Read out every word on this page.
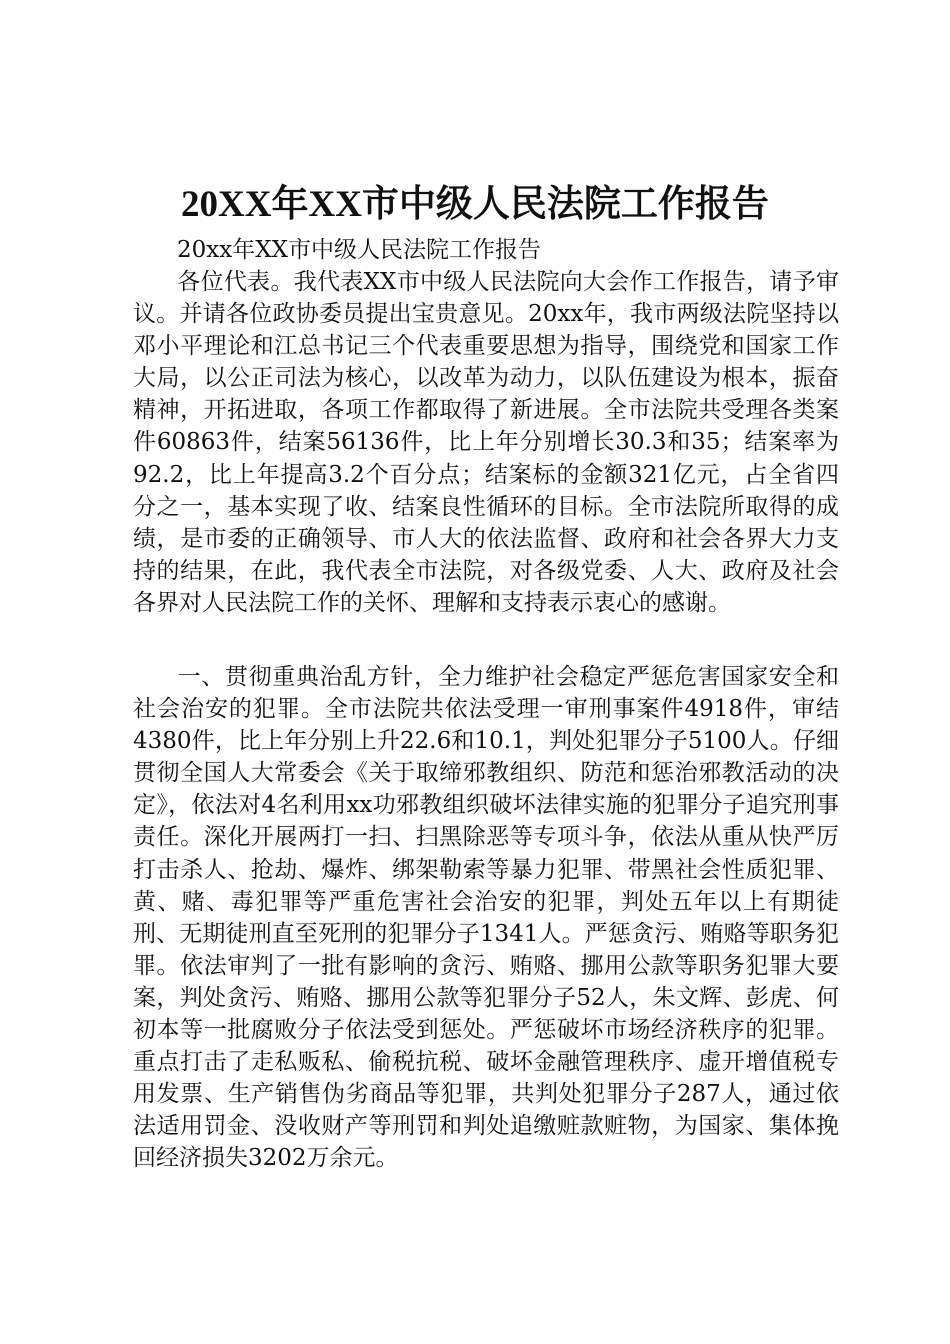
20XX年XX市中级人民法院工作报告

20xx年XX市中级人民法院工作报告

各位代表。我代表XX市中级人民法院向大会作工作报告，请予审议。并请各位政协委员提出宝贵意见。20xx年，我市两级法院坚持以邓小平理论和江总书记三个代表重要思想为指导，围绕党和国家工作大局，以公正司法为核心，以改革为动力，以队伍建设为根本，振奋精神，开拓进取，各项工作都取得了新进展。全市法院共受理各类案件60863件，结案56136件，比上年分别增长30.3和35；结案率为92.2，比上年提高3.2个百分点；结案标的金额321亿元，占全省四分之一，基本实现了收、结案良性循环的目标。全市法院所取得的成绩，是市委的正确领导、市人大的依法监督、政府和社会各界大力支持的结果，在此，我代表全市法院，对各级党委、人大、政府及社会各界对人民法院工作的关怀、理解和支持表示衷心的感谢。

一、贯彻重典治乱方针，全力维护社会稳定严惩危害国家安全和社会治安的犯罪。全市法院共依法受理一审刑事案件4918件，审结4380件，比上年分别上升22.6和10.1，判处犯罪分子5100人。仔细贯彻全国人大常委会《关于取缔邪教组织、防范和惩治邪教活动的决定》，依法对4名利用xx功邪教组织破坏法律实施的犯罪分子追究刑事责任。深化开展两打一扫、扫黑除恶等专项斗争，依法从重从快严厉打击杀人、抢劫、爆炸、绑架勒索等暴力犯罪、带黑社会性质犯罪、黄、赌、毒犯罪等严重危害社会治安的犯罪，判处五年以上有期徒刑、无期徒刑直至死刑的犯罪分子1341人。严惩贪污、贿赂等职务犯罪。依法审判了一批有影响的贪污、贿赂、挪用公款等职务犯罪大要案，判处贪污、贿赂、挪用公款等犯罪分子52人，朱文辉、彭虎、何初本等一批腐败分子依法受到惩处。严惩破坏市场经济秩序的犯罪。重点打击了走私贩私、偷税抗税、破坏金融管理秩序、虚开增值税专用发票、生产销售伪劣商品等犯罪，共判处犯罪分子287人，通过依法适用罚金、没收财产等刑罚和判处追缴赃款赃物，为国家、集体挽回经济损失3202万余元。
